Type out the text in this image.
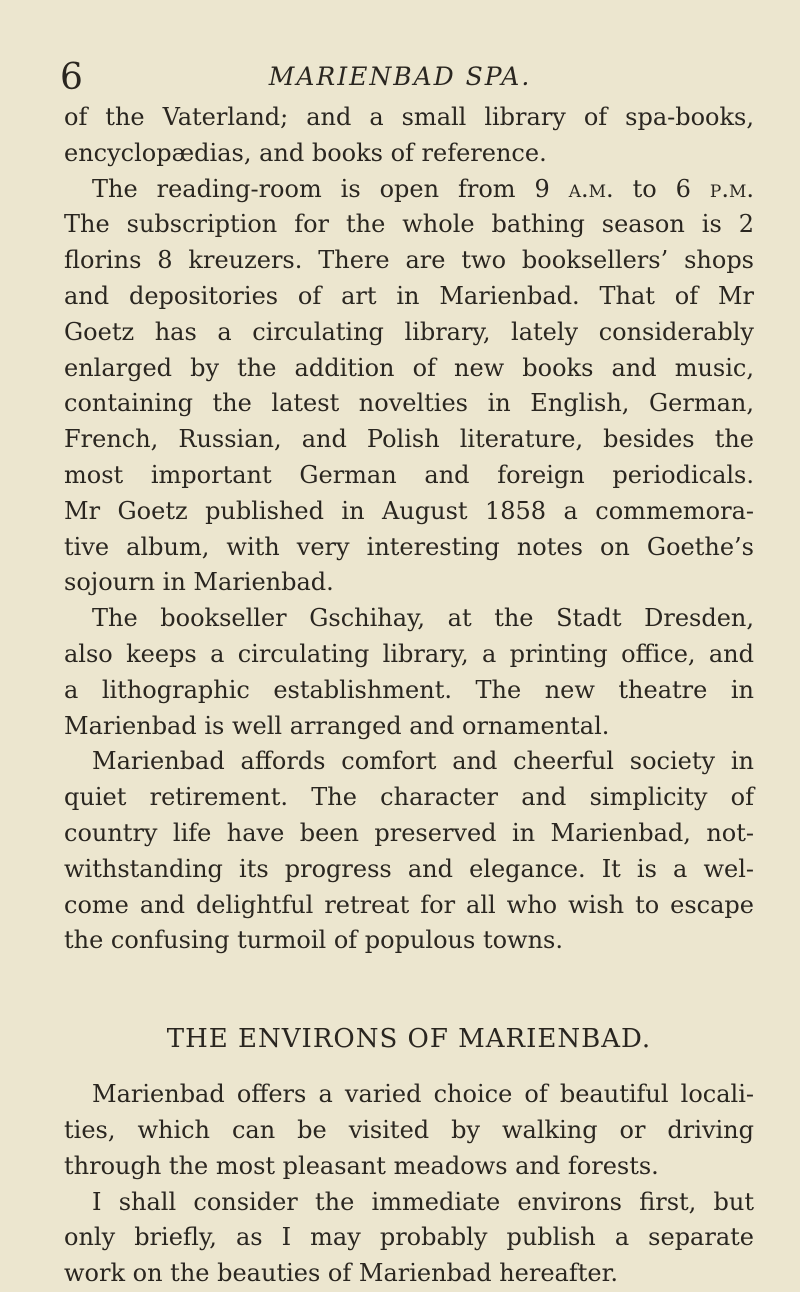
6	MARIENBAD SPA.
of the Vaterland; and a small library of spa-books,
encyclopædias, and books of reference.
The reading-room is open from 9 a.m. to 6 p.m.
The subscription for the whole bathing season is 2
florins 8 kreuzers. There are two booksellers’ shops
and depositories of art in Marienbad. That of Mr
Goetz has a circulating library, lately considerably
enlarged by the addition of new books and music,
containing the latest novelties in English, German,
French, Russian, and Polish literature, besides the
most important German and foreign periodicals.
Mr Goetz published in August 1858 a commemora-
tive album, with very interesting notes on Goethe’s
sojourn in Marienbad.
The bookseller Gschihay, at the Stadt Dresden,
also keeps a circulating library, a printing office, and
a lithographic establishment. The new theatre in
Marienbad is well arranged and ornamental.
Marienbad affords comfort and cheerful society in
quiet retirement. The character and simplicity of
country life have been preserved in Marienbad, not-
withstanding its progress and elegance. It is a wel-
come and delightful retreat for all who wish to escape
the confusing turmoil of populous towns.
THE ENVIRONS OF MARIENBAD.
Marienbad offers a varied choice of beautiful locali-
ties, which can be visited by walking or driving
through the most pleasant meadows and forests.
I shall consider the immediate environs first, but
only briefly, as I may probably publish a separate
work on the beauties of Marienbad hereafter.
